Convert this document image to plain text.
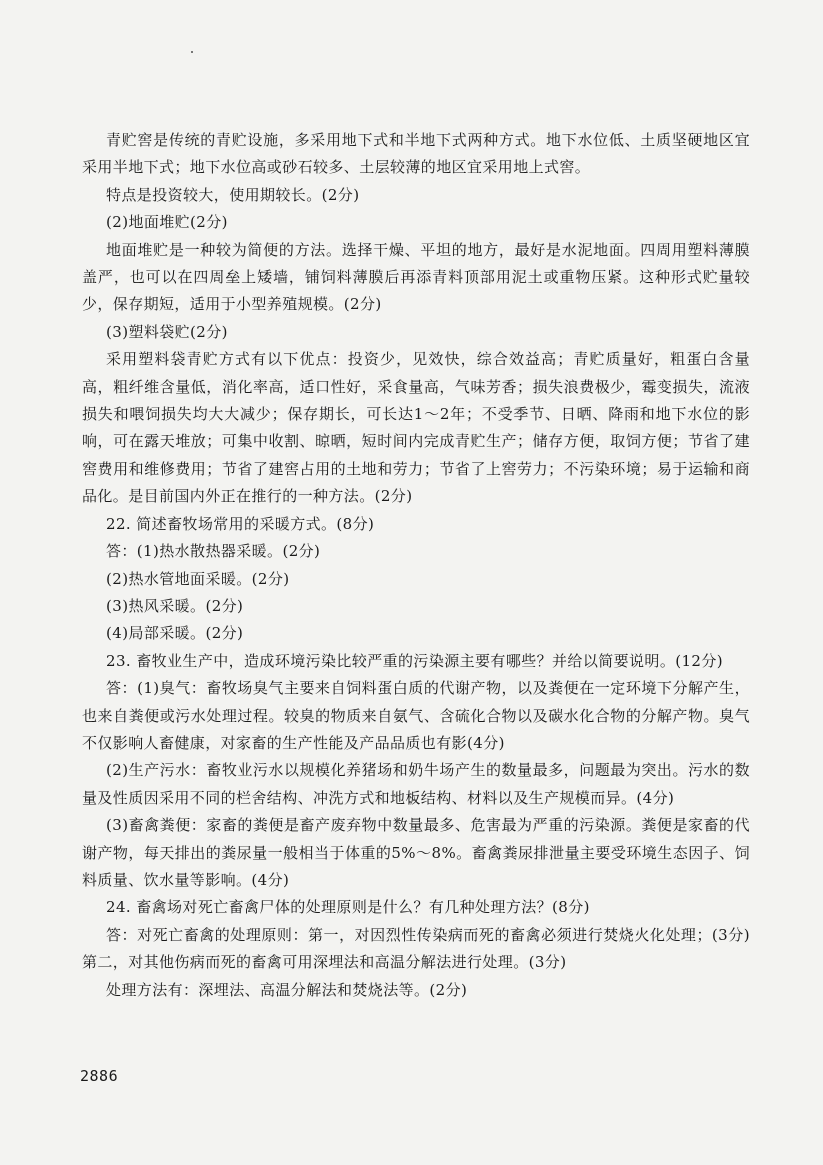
青贮窖是传统的青贮设施，多采用地下式和半地下式两种方式。地下水位低、土质坚硬地区宜采用半地下式；地下水位高或砂石较多、土层较薄的地区宜采用地上式窖。

特点是投资较大，使用期较长。(2分)

(2)地面堆贮(2分)

地面堆贮是一种较为简便的方法。选择干燥、平坦的地方，最好是水泥地面。四周用塑料薄膜盖严，也可以在四周垒上矮墙，铺饲料薄膜后再添青料顶部用泥土或重物压紧。这种形式贮量较少，保存期短，适用于小型养殖规模。(2分)

(3)塑料袋贮(2分)

采用塑料袋青贮方式有以下优点：投资少，见效快，综合效益高；青贮质量好，粗蛋白含量高，粗纤维含量低，消化率高，适口性好，采食量高，气味芳香；损失浪费极少，霉变损失，流液损失和喂饲损失均大大减少；保存期长，可长达1～2年；不受季节、日晒、降雨和地下水位的影响，可在露天堆放；可集中收割、晾晒，短时间内完成青贮生产；储存方便，取饲方便；节省了建窖费用和维修费用；节省了建窖占用的土地和劳力；节省了上窖劳力；不污染环境；易于运输和商品化。是目前国内外正在推行的一种方法。(2分)

22. 简述畜牧场常用的采暖方式。(8分)

答：(1)热水散热器采暖。(2分)

(2)热水管地面采暖。(2分)

(3)热风采暖。(2分)

(4)局部采暖。(2分)

23. 畜牧业生产中，造成环境污染比较严重的污染源主要有哪些？并给以简要说明。(12分)

答：(1)臭气：畜牧场臭气主要来自饲料蛋白质的代谢产物，以及粪便在一定环境下分解产生，也来自粪便或污水处理过程。较臭的物质来自氨气、含硫化合物以及碳水化合物的分解产物。臭气不仅影响人畜健康，对家畜的生产性能及产品品质也有影(4分)

(2)生产污水：畜牧业污水以规模化养猪场和奶牛场产生的数量最多，问题最为突出。污水的数量及性质因采用不同的栏舍结构、冲洗方式和地板结构、材料以及生产规模而异。(4分)

(3)畜禽粪便：家畜的粪便是畜产废弃物中数量最多、危害最为严重的污染源。粪便是家畜的代谢产物，每天排出的粪尿量一般相当于体重的5%～8%。畜禽粪尿排泄量主要受环境生态因子、饲料质量、饮水量等影响。(4分)

24. 畜禽场对死亡畜禽尸体的处理原则是什么？有几种处理方法？(8分)

答：对死亡畜禽的处理原则：第一，对因烈性传染病而死的畜禽必须进行焚烧火化处理；(3分)第二，对其他伤病而死的畜禽可用深埋法和高温分解法进行处理。(3分)

处理方法有：深埋法、高温分解法和焚烧法等。(2分)

2886
